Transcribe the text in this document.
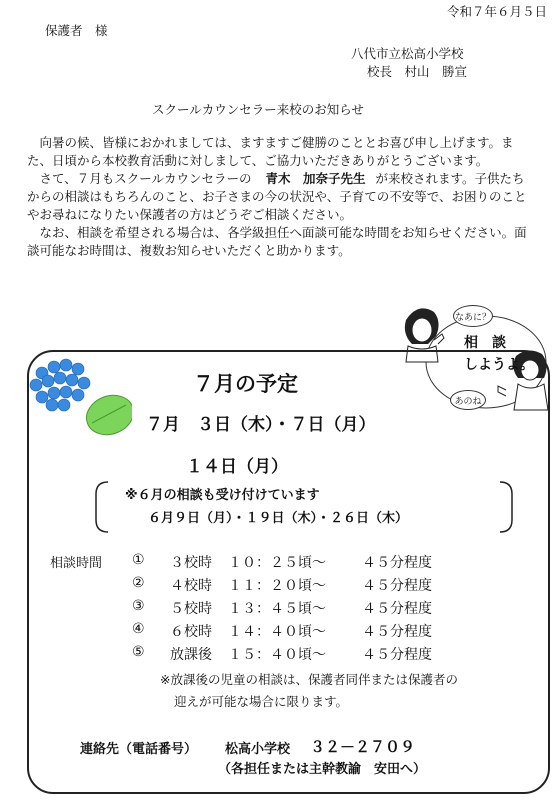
令和７年６月５日
保護者　様
八代市立松高小学校
校長　村山　勝宣
スクールカウンセラー来校のお知らせ

　向暑の候、皆様におかれましては、ますますご健勝のこととお喜び申し上げます。また、日頃から本校教育活動に対しまして、ご協力いただきありがとうございます。

　さて、７月もスクールカウンセラーの 青木　加奈子先生 が来校されます。子供たちからの相談はもちろんのこと、お子さまの今の状況や、子育ての不安等で、お困りのことやお尋ねになりたい保護者の方はどうぞご相談ください。

　なお、相談を希望される場合は、各学級担任へ面談可能な時間をお知らせください。面談可能なお時間は、複数お知らせいただくと助かります。

なあに？
あのね
相　談
しようよ。
７月の予定
７月　３日（木）・７日（月）
１４日（月）
※６月の相談も受け付けています
６月９日（月）・１９日（木）・２６日（木）
相談時間 ① ３校時 １０：２５頃～	４５分程度
② ４校時 １１：２０頃～	４５分程度
③ ５校時 １３：４５頃～	４５分程度
④ ６校時 １４：４０頃～	４５分程度
⑤ 放課後 １５：４０頃～	４５分程度
※放課後の児童の相談は、保護者同伴または保護者の
迎えが可能な場合に限ります。
連絡先（電話番号） 松高小学校 ３２－２７０９
（各担任または主幹教諭　安田へ）
